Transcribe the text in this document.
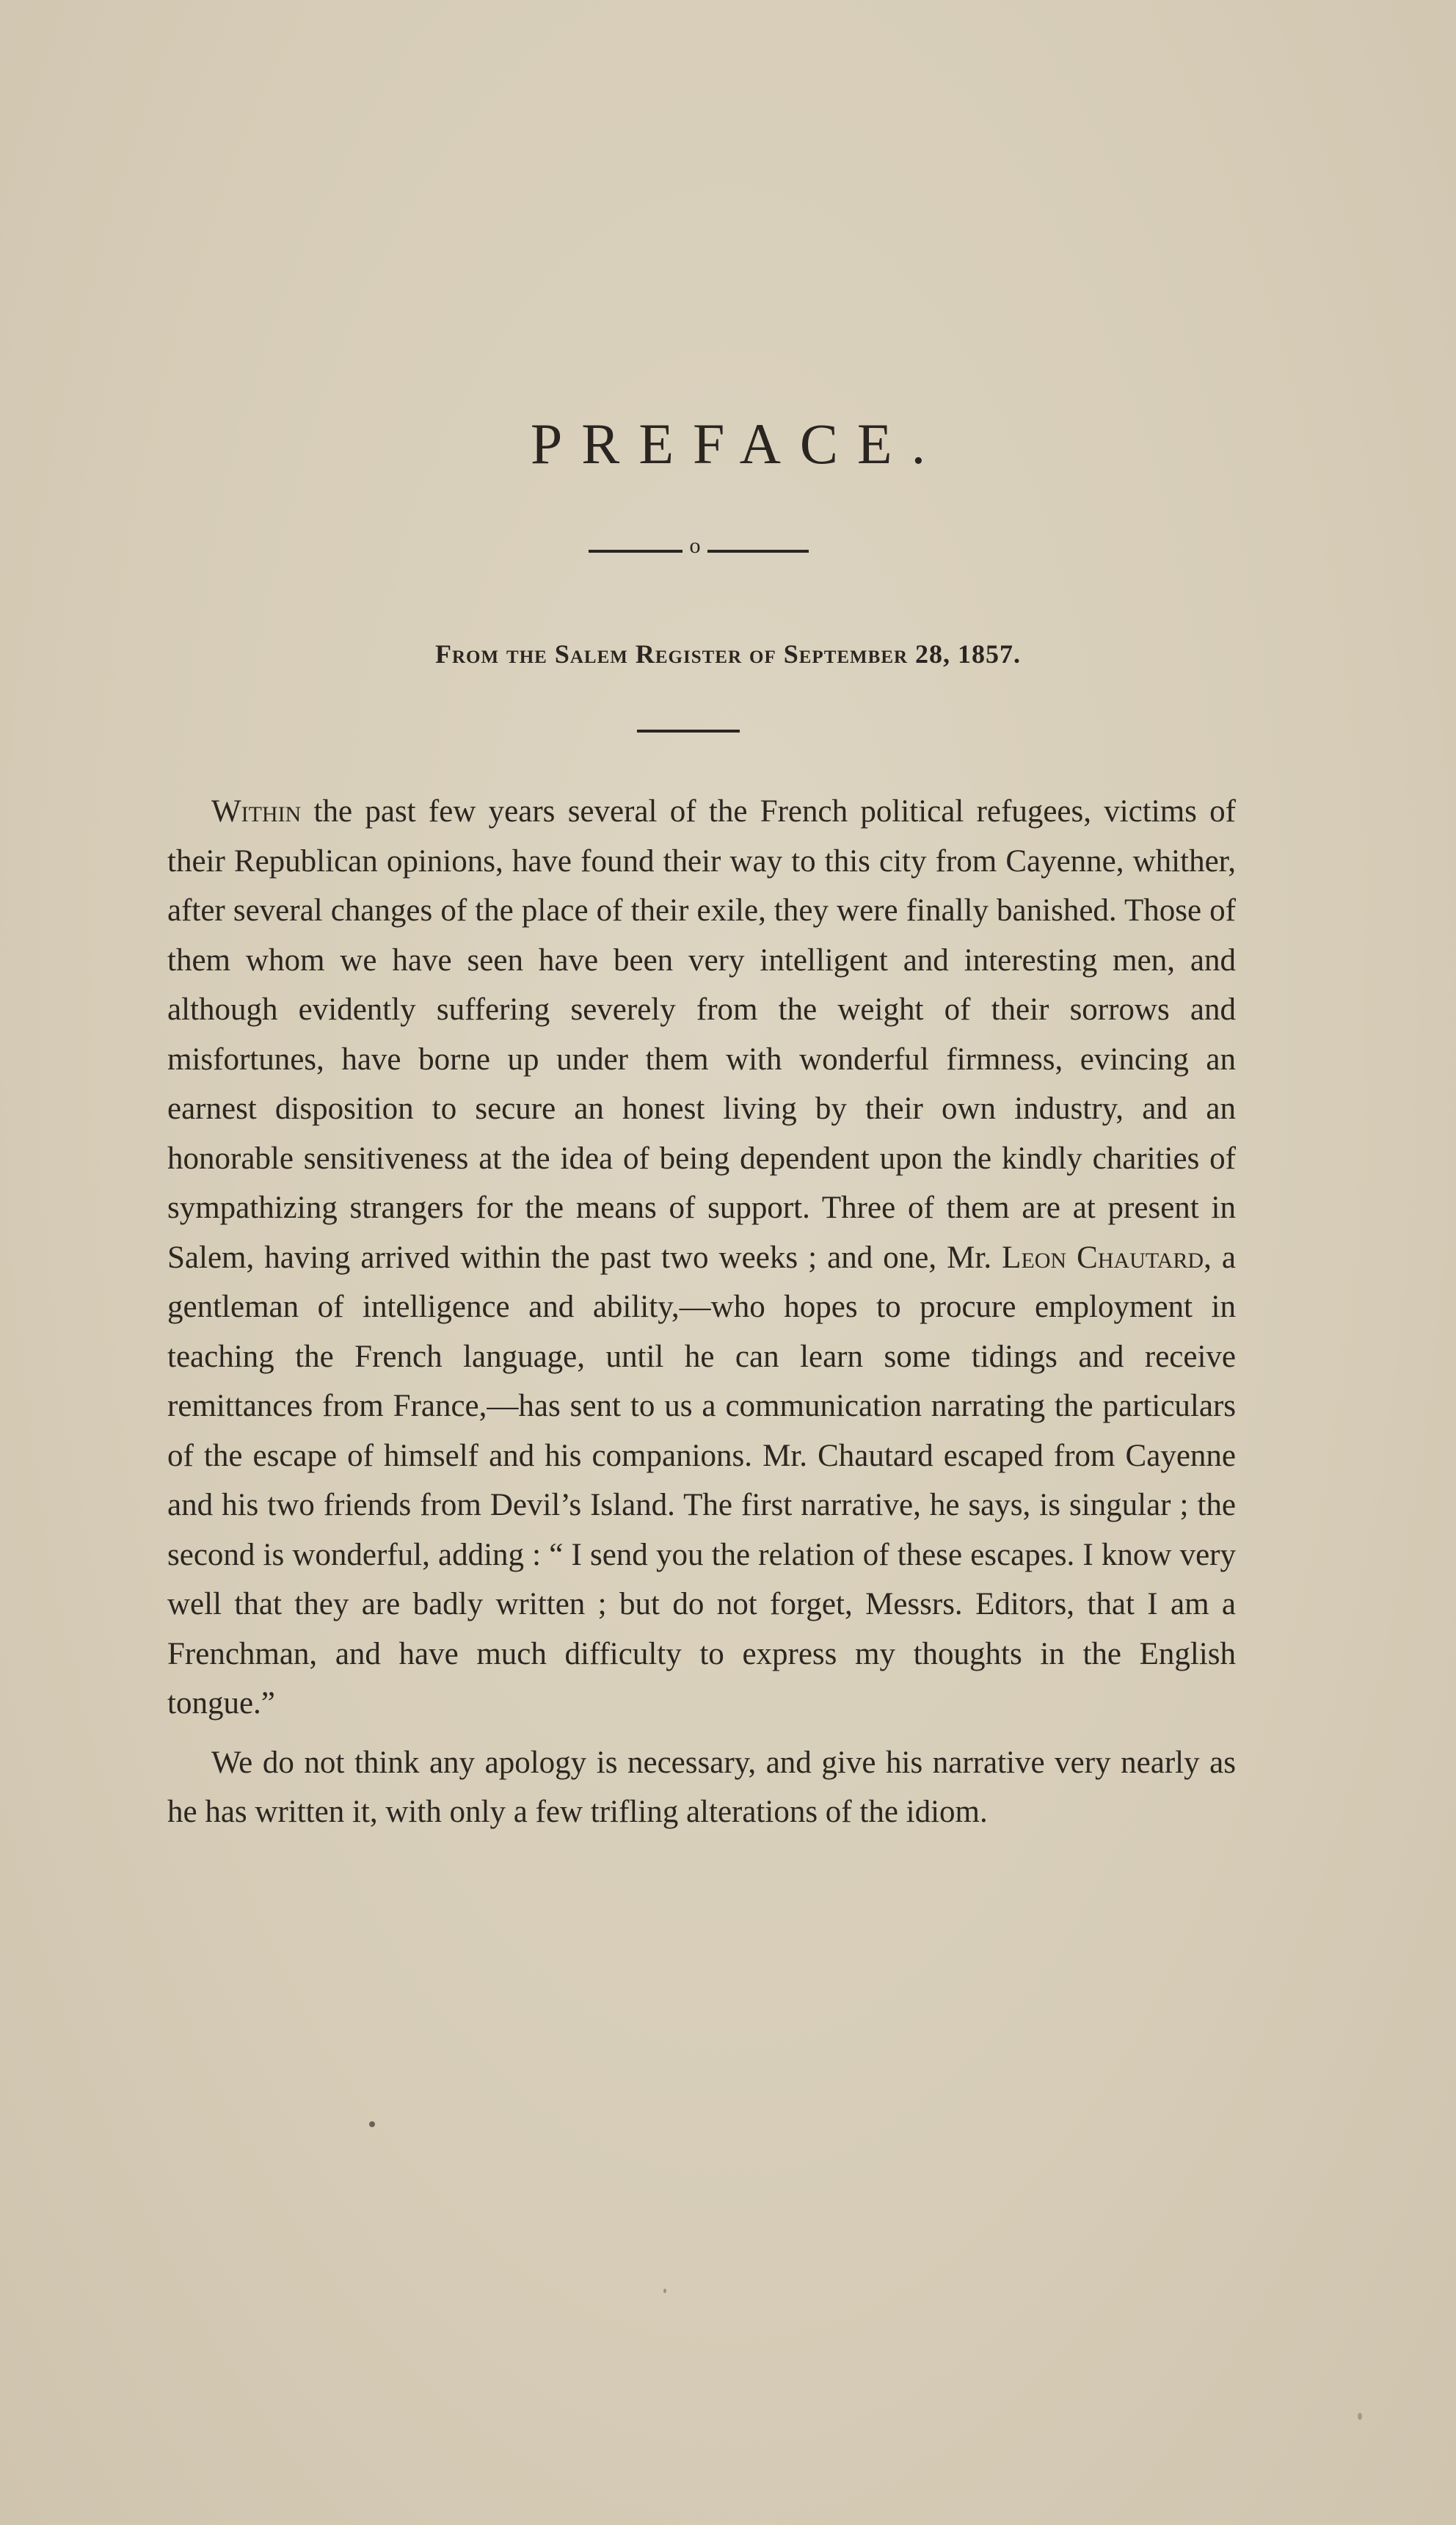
PREFACE.
o
From the Salem Register of September 28, 1857.

Within the past few years several of the French political refugees, victims of their Republican opinions, have found their way to this city from Cayenne, whither, after several changes of the place of their exile, they were finally banished. Those of them whom we have seen have been very intelligent and interesting men, and although evidently suffering severely from the weight of their sorrows and misfortunes, have borne up under them with wonderful firmness, evincing an earnest disposition to secure an honest living by their own industry, and an honorable sensitiveness at the idea of being dependent upon the kindly charities of sympathizing strangers for the means of support. Three of them are at present in Salem, having arrived within the past two weeks ; and one, Mr. Leon Chautard, a gentleman of intelligence and ability,—who hopes to procure employment in teaching the French language, until he can learn some tidings and receive remittances from France,—has sent to us a communication narrating the particulars of the escape of himself and his companions. Mr. Chautard escaped from Cayenne and his two friends from Devil’s Island. The first narrative, he says, is singular ; the second is wonderful, adding : “ I send you the relation of these escapes. I know very well that they are badly written ; but do not forget, Messrs. Editors, that I am a Frenchman, and have much difficulty to express my thoughts in the English tongue.”

We do not think any apology is necessary, and give his narrative very nearly as he has written it, with only a few trifling alterations of the idiom.
